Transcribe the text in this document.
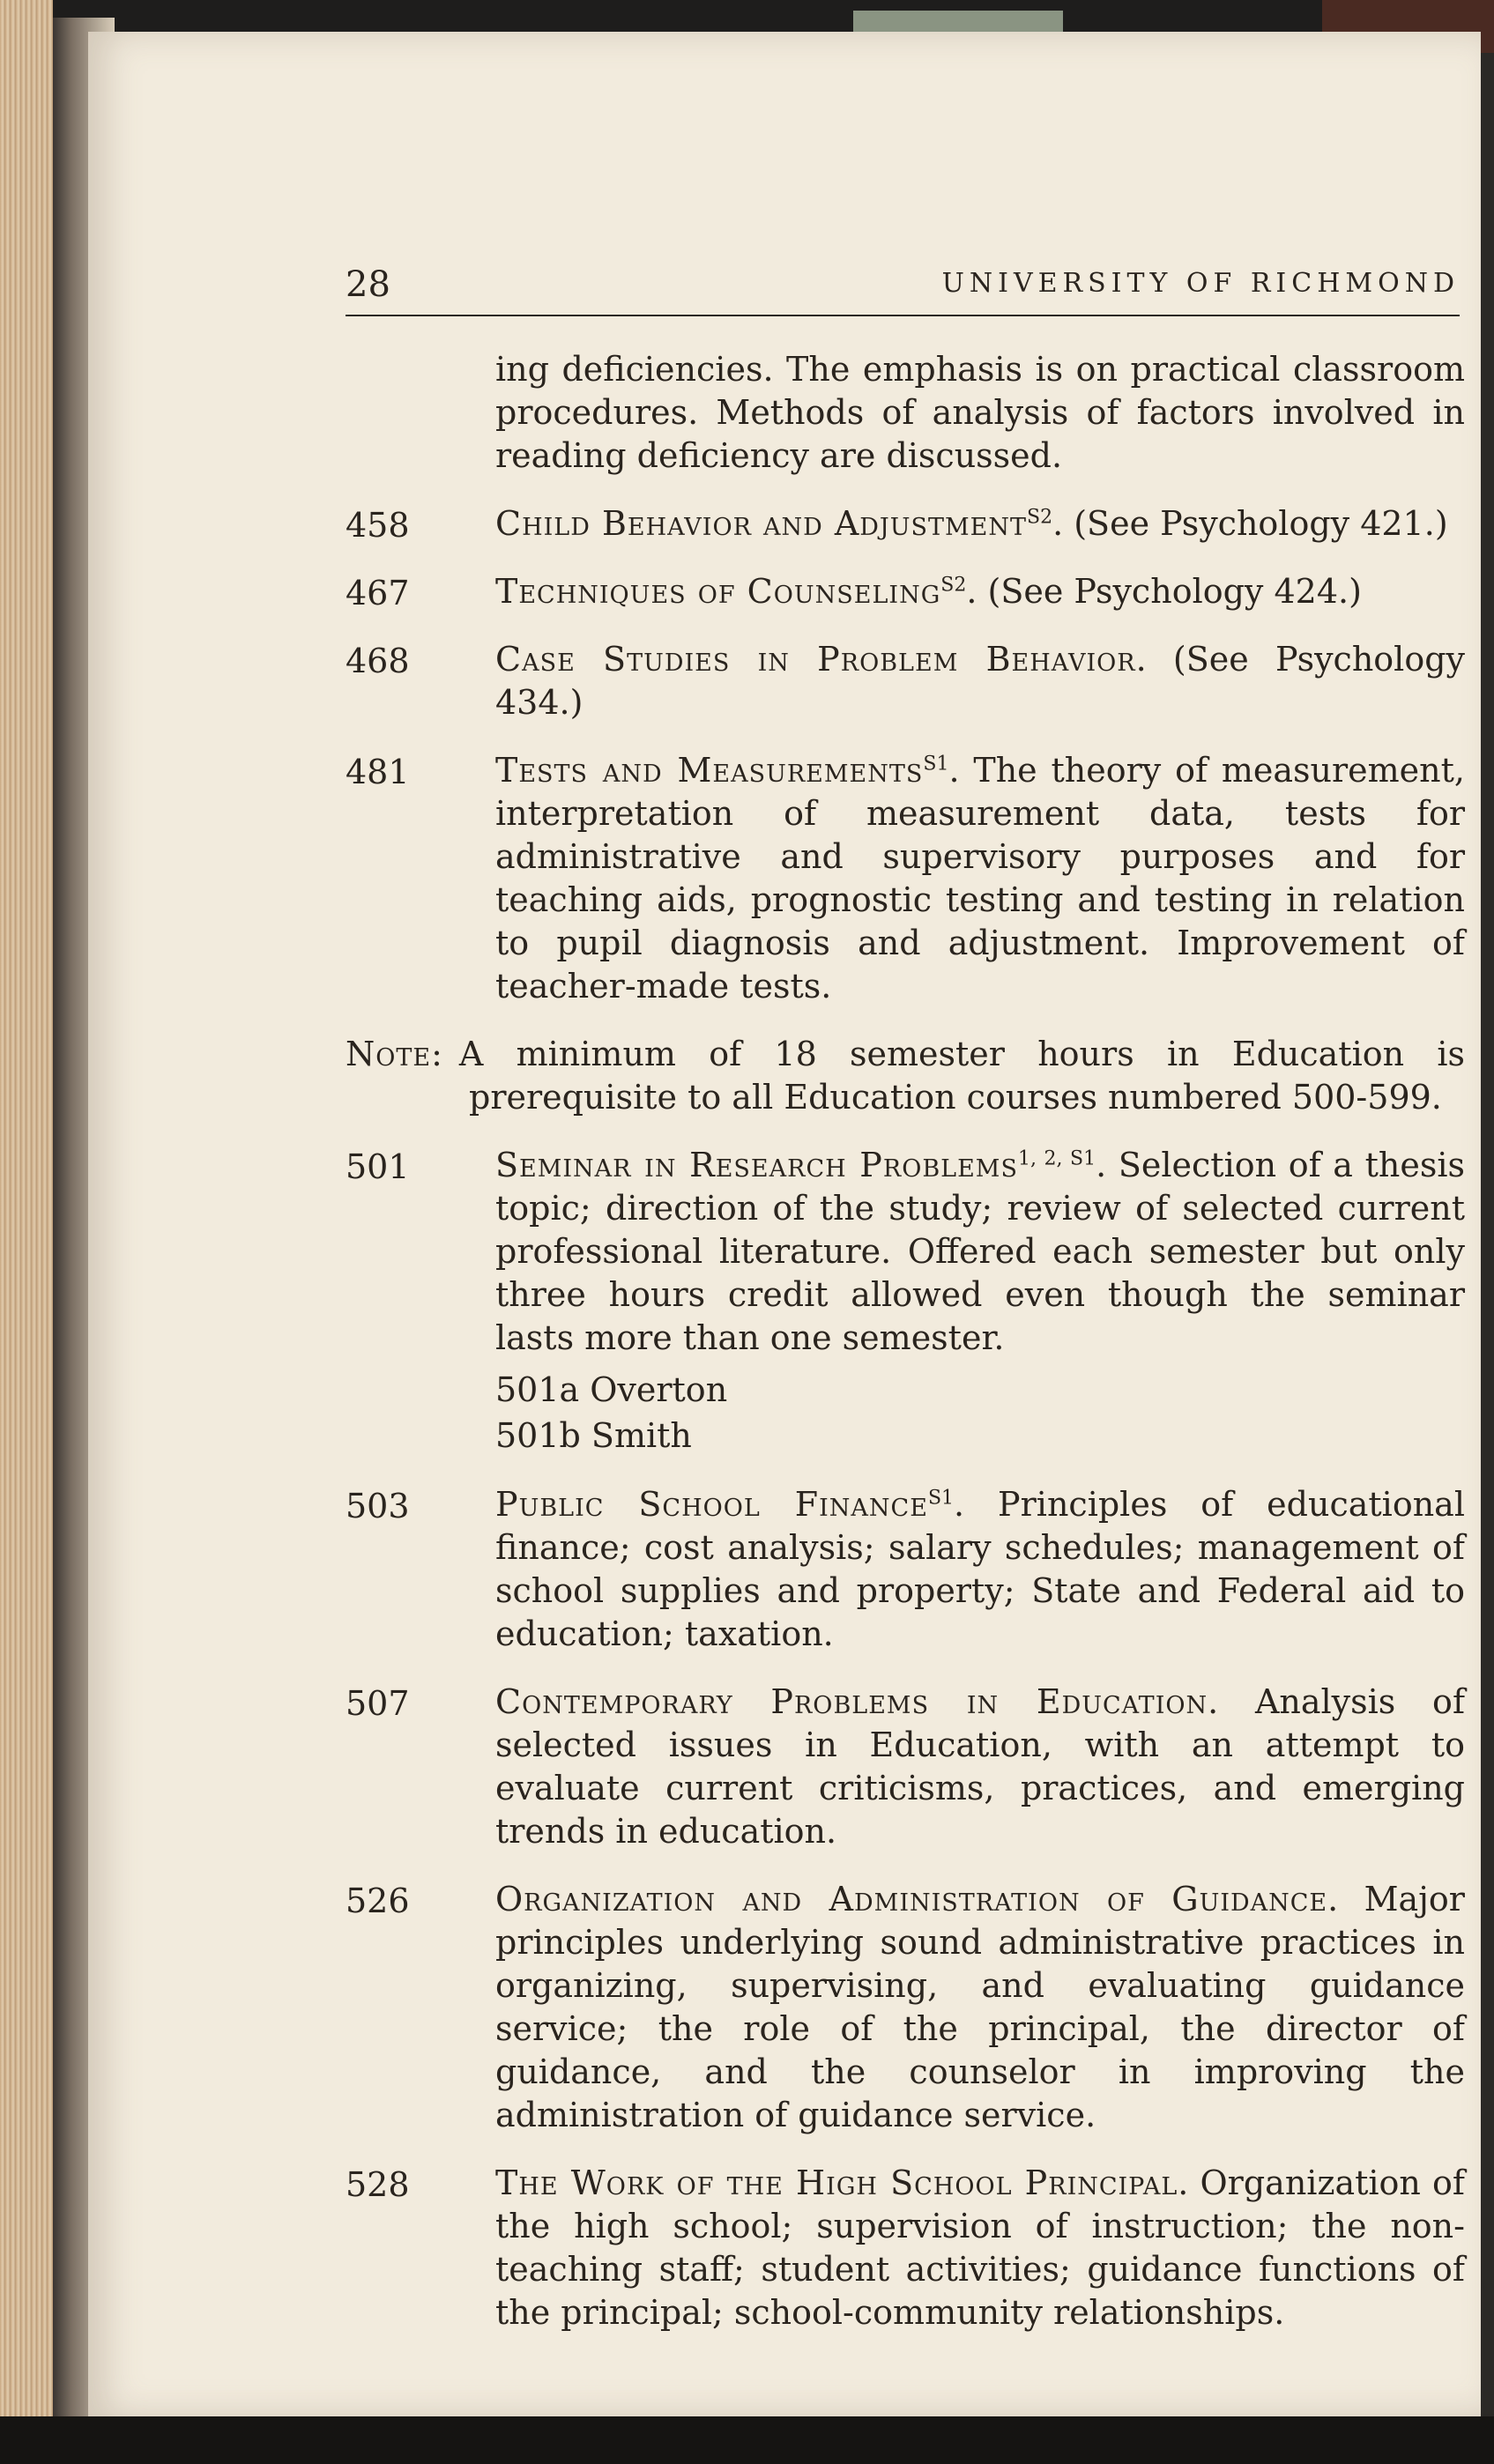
28	UNIVERSITY OF RICHMOND

ing deficiencies. The emphasis is on practical classroom procedures. Methods of analysis of factors involved in reading deficiency are discussed.

458	Child Behavior and Adjustment$^{S2}$. (See Psychology 421.)
467	Techniques of Counseling$^{S2}$. (See Psychology 424.)
468	Case Studies in Problem Behavior. (See Psychology 434.)
481	Tests and Measurements$^{S1}$. The theory of measurement, interpretation of measurement data, tests for administrative and supervisory purposes and for teaching aids, prognostic testing and testing in relation to pupil diagnosis and adjustment. Improvement of teacher-made tests.
Note: A minimum of 18 semester hours in Education is prerequisite to all Education courses numbered 500-599.
501	Seminar in Research Problems$^{1, 2, S1}$. Selection of a thesis topic; direction of the study; review of selected current professional literature. Offered each semester but only three hours credit allowed even though the seminar lasts more than one semester.
501a Overton
501b Smith
503	Public School Finance$^{S1}$. Principles of educational finance; cost analysis; salary schedules; management of school supplies and property; State and Federal aid to education; taxation.
507	Contemporary Problems in Education. Analysis of selected issues in Education, with an attempt to evaluate current criticisms, practices, and emerging trends in education.
526	Organization and Administration of Guidance. Major principles underlying sound administrative practices in organizing, supervising, and evaluating guidance service; the role of the principal, the director of guidance, and the counselor in improving the administration of guidance service.
528	The Work of the High School Principal. Organization of the high school; supervision of instruction; the non-teaching staff; student activities; guidance functions of the principal; school-community relationships.
